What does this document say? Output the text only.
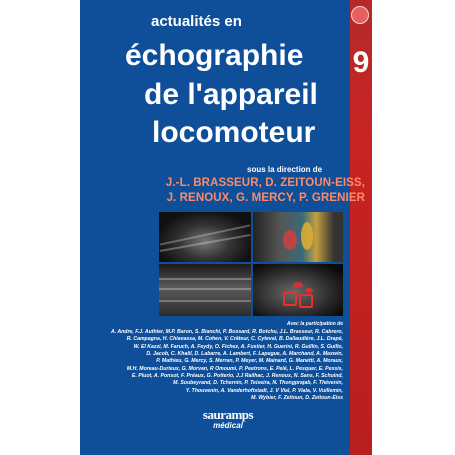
9
actualités en
échographie
de l'appareil
locomoteur
sous la direction de
J.-L. BRASSEUR, D. ZEITOUN-EISS,
J. RENOUX, G. MERCY, P. GRENIER
Avec la participation de
A. Andre, F.J. Authier, M.P. Baron, S. Bianchi, P. Bossard, R. Botchu, J.L. Brasseur, R. Cabrero,
R. Campagna, H. Chiavassa, M. Cohen, V. Crâteur, C. Cyteval, B. Dallaudière, J.L. Drapé,
W. El Kazzi, M. Faruch, A. Feydy, O. Fichez, A. Fustier, H. Guerini, R. Guillin, S. Guillo,
D. Jacob, C. Khalil, D. Labarre, A. Lambert, F. Lapegue, A. Marchand, A. Maxwin,
P. Mathieu, G. Mercy, S. Merran, P. Meyer, M. Mainard, G. Manetti, A. Moraux,
M.H. Moreau-Durieux, G. Morvan, R Omoumi, P. Peetrons, E. Pelé, L. Pesquer, E. Pessis,
E. Pluot, A. Ponsot, F. Préaux, G. Potterio, J.J Railhac, J. Renoux, N. Sans, F. Schuind,
M. Soubeyrand, D. Tchernin, P. Teixeira, N. Thongprajab, F. Thévenin,
Y. Thouvenin, A. Vanderhoftstadt, J. V Vial, P. Viala, V. Vuillemin,
M. Wybier, F. Zeitoun, D. Zeitoun-Eiss
sauramps
médical
